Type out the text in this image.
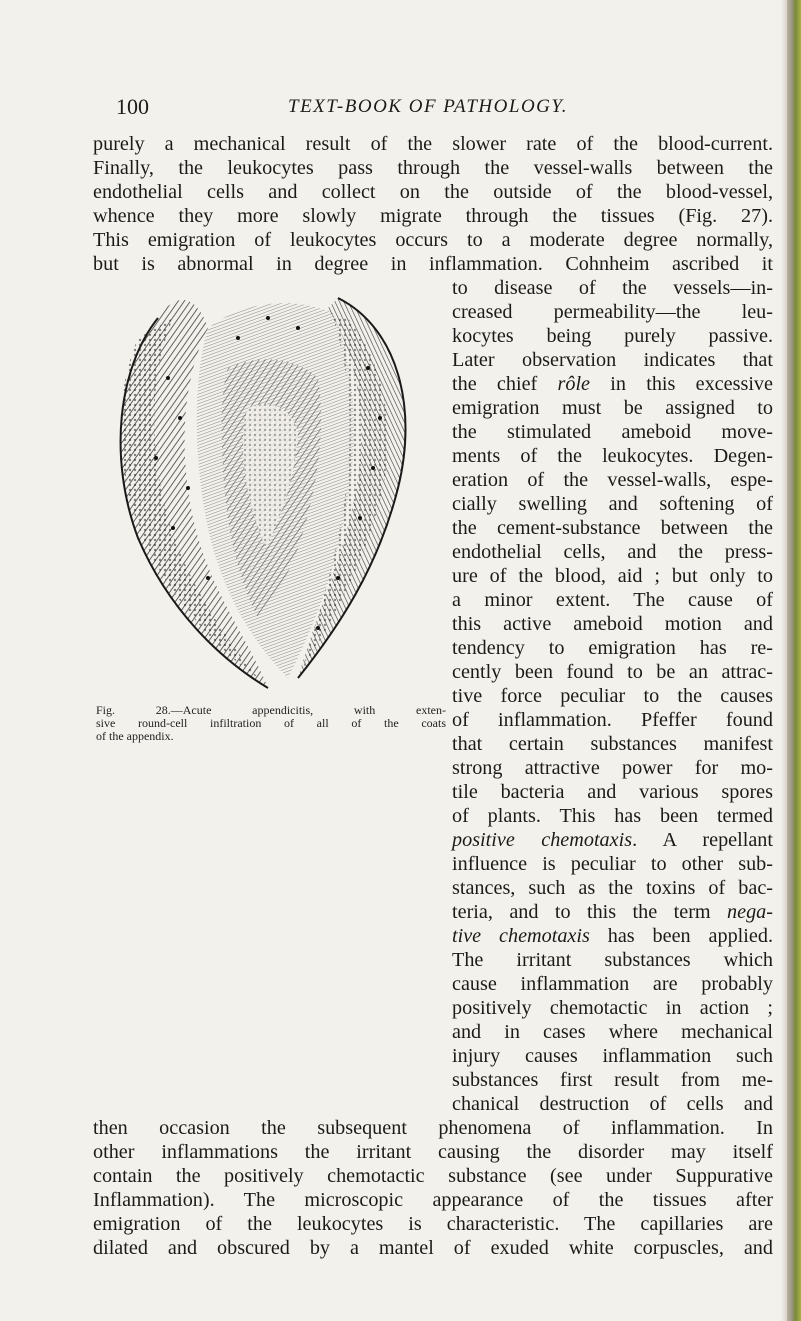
100	TEXT-BOOK OF PATHOLOGY.
purely a mechanical result of the slower rate of the blood-current.
Finally, the leukocytes pass through the vessel-walls between the
endothelial cells and collect on the outside of the blood-vessel,
whence they more slowly migrate through the tissues (Fig. 27).
This emigration of leukocytes occurs to a moderate degree normally,
but is abnormal in degree in inflammation. Cohnheim ascribed it
to disease of the vessels—in-
creased permeability—the leu-
kocytes being purely passive.
Later observation indicates that
the chief rôle in this excessive
emigration must be assigned to
the stimulated ameboid move-
ments of the leukocytes. Degen-
eration of the vessel-walls, espe-
cially swelling and softening of
the cement-substance between the
endothelial cells, and the press-
ure of the blood, aid ; but only to
a minor extent. The cause of
this active ameboid motion and
tendency to emigration has re-
cently been found to be an attrac-
tive force peculiar to the causes
of inflammation. Pfeffer found
that certain substances manifest
strong attractive power for mo-
tile bacteria and various spores
of plants. This has been termed
positive chemotaxis. A repellant
influence is peculiar to other sub-
stances, such as the toxins of bac-
teria, and to this the term nega-
tive chemotaxis has been applied.
The irritant substances which
cause inflammation are probably
positively chemotactic in action ;
and in cases where mechanical
injury causes inflammation such
substances first result from me-
chanical destruction of cells and
then occasion the subsequent phenomena of inflammation. In
other inflammations the irritant causing the disorder may itself
contain the positively chemotactic substance (see under Suppurative
Inflammation). The microscopic appearance of the tissues after
emigration of the leukocytes is characteristic. The capillaries are
dilated and obscured by a mantel of exuded white corpuscles, and
Fig. 28.—Acute appendicitis, with exten-
sive round-cell infiltration of all of the coats
of the appendix.
